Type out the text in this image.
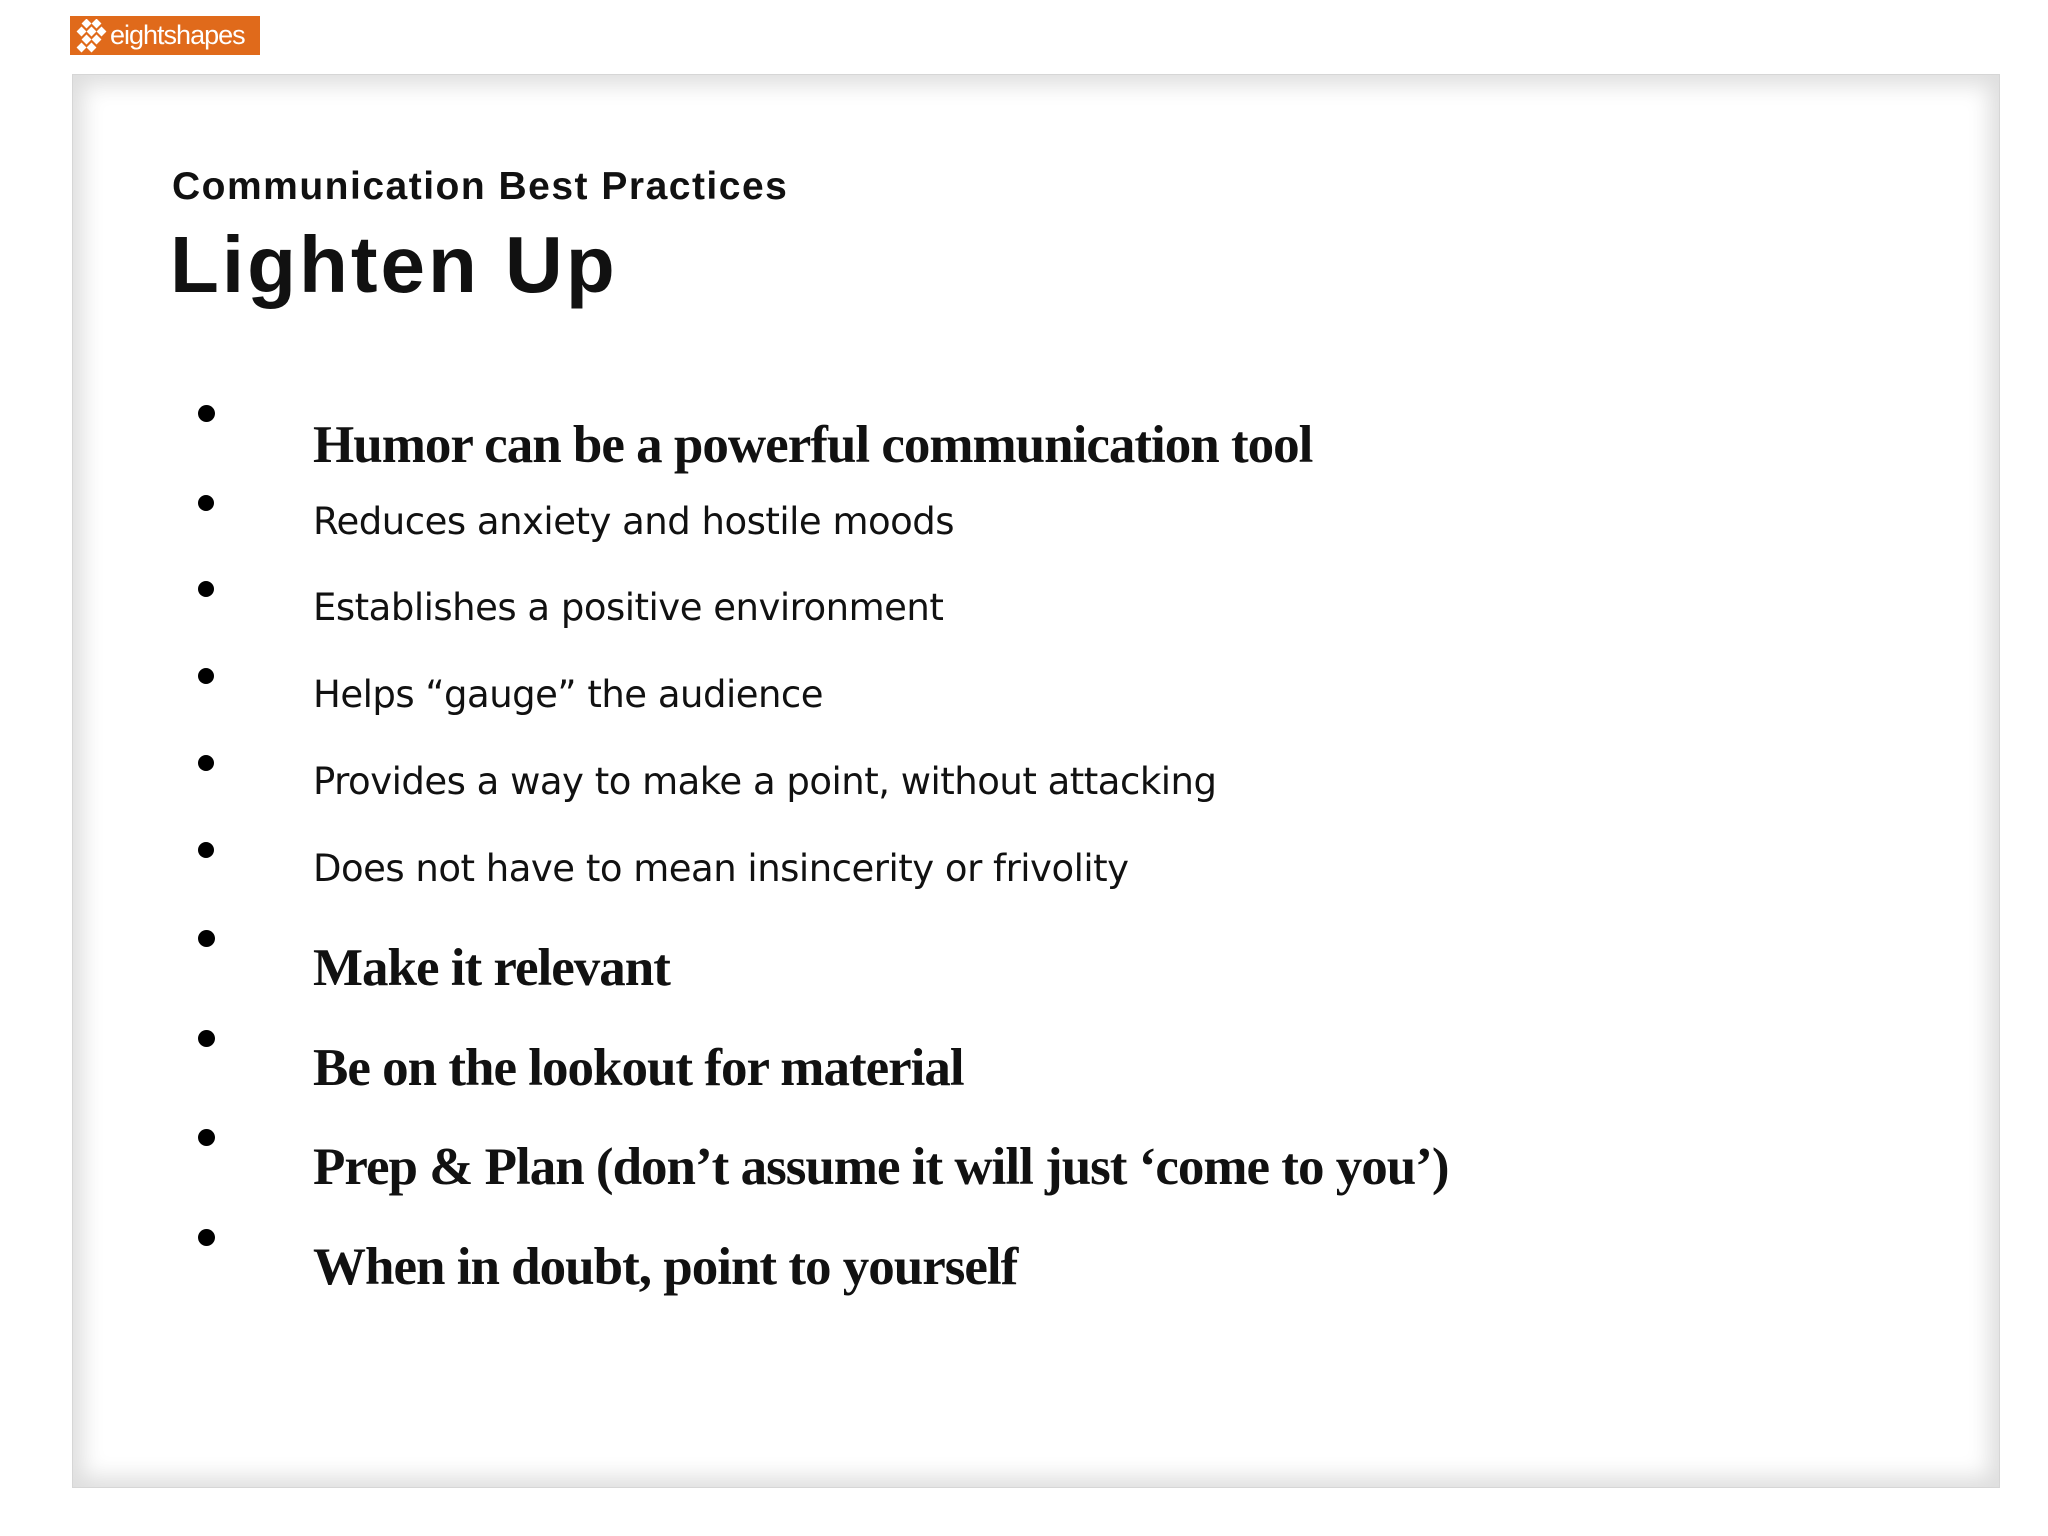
eightshapes
Communication Best Practices
Lighten Up
Humor can be a powerful communication tool
Reduces anxiety and hostile moods
Establishes a positive environment
Helps “gauge” the audience
Provides a way to make a point, without attacking
Does not have to mean insincerity or frivolity
Make it relevant
Be on the lookout for material
Prep & Plan (don’t assume it will just ‘come to you’)
When in doubt, point to yourself
